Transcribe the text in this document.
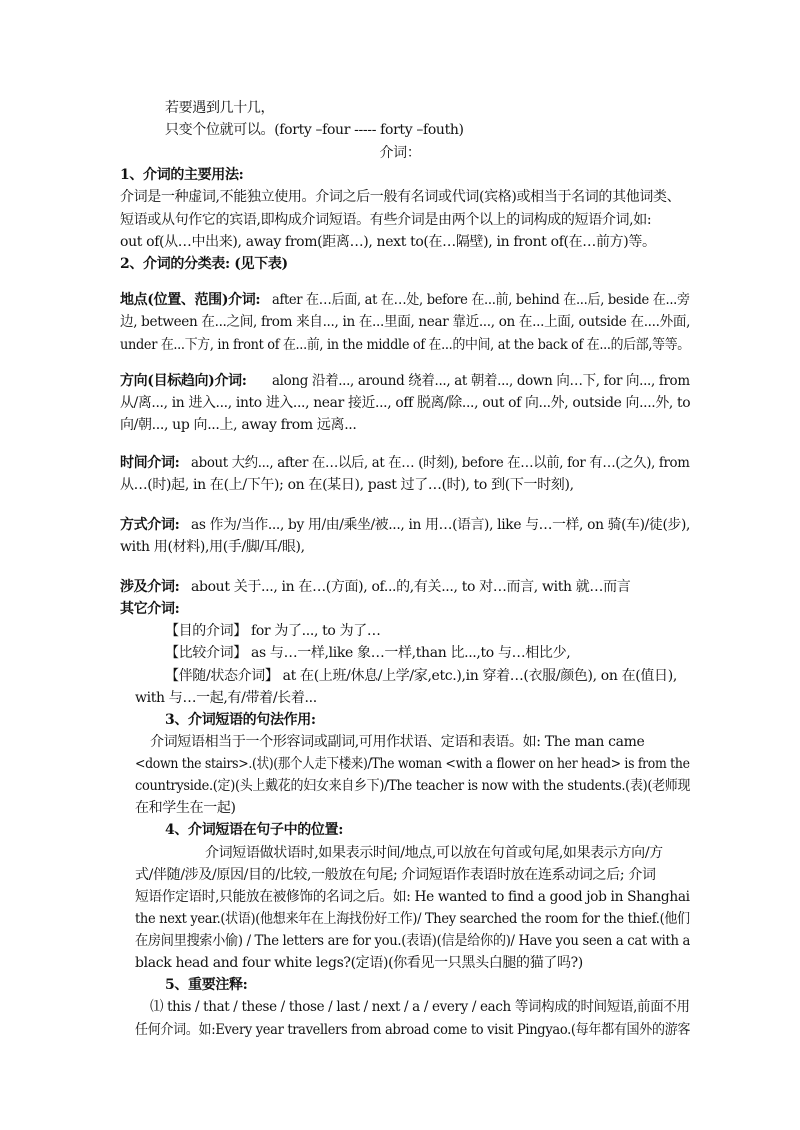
若要遇到几十几，
只变个位就可以。(forty –four ----- forty –fouth)
介词：
1、介词的主要用法:
介词是一种虚词,不能独立使用。介词之后一般有名词或代词(宾格)或相当于名词的其他词类、
短语或从句作它的宾语,即构成介词短语。有些介词是由两个以上的词构成的短语介词,如:
out of(从…中出来), away from(距离…), next to(在…隔壁), in front of(在…前方)等。
2、介词的分类表: (见下表)
地点(位置、范围)介词: after 在…后面, at 在…处, before 在...前, behind 在...后, beside 在...旁
边, between 在...之间, from 来自..., in 在...里面, near 靠近..., on 在...上面, outside 在....外面,
under 在...下方, in front of 在...前, in the middle of 在...的中间, at the back of 在...的后部,等等。
方向(目标趋向)介词: along 沿着..., around 绕着..., at 朝着..., down 向…下, for 向..., from
从/离..., in 进入..., into 进入..., near 接近..., off 脱离/除..., out of 向...外, outside 向....外, to
向/朝..., up 向...上, away from 远离...
时间介词: about 大约..., after 在…以后, at 在… (时刻), before 在…以前, for 有…(之久), from
从…(时)起, in 在(上/下午); on 在(某日), past 过了…(时), to 到(下一时刻),
方式介词: as 作为/当作..., by 用/由/乘坐/被..., in 用…(语言), like 与…一样, on 骑(车)/徒(步),
with 用(材料),用(手/脚/耳/眼),
涉及介词: about 关于..., in 在…(方面), of...的,有关..., to 对…而言, with 就…而言
其它介词:
【目的介词】 for 为了..., to 为了…
【比较介词】 as 与…一样,like 象…一样,than 比...,to 与…相比少,
【伴随/状态介词】 at 在(上班/休息/上学/家,etc.),in 穿着…(衣服/颜色), on 在(值日),
with 与…一起,有/带着/长着...
3、介词短语的句法作用:
介词短语相当于一个形容词或副词,可用作状语、定语和表语。如: The man came
<down the stairs>.(状)(那个人走下楼来)/The woman <with a flower on her head> is from the
countryside.(定)(头上戴花的妇女来自乡下)/The teacher is now with the students.(表)(老师现
在和学生在一起)
4、介词短语在句子中的位置:
介词短语做状语时,如果表示时间/地点,可以放在句首或句尾,如果表示方向/方
式/伴随/涉及/原因/目的/比较,一般放在句尾; 介词短语作表语时放在连系动词之后; 介词
短语作定语时,只能放在被修饰的名词之后。如: He wanted to find a good job in Shanghai
the next year.(状语)(他想来年在上海找份好工作)/ They searched the room for the thief.(他们
在房间里搜索小偷) / The letters are for you.(表语)(信是给你的)/ Have you seen a cat with a
black head and four white legs?(定语)(你看见一只黑头白腿的猫了吗?)
5、重要注释:
⑴ this / that / these / those / last / next / a / every / each 等词构成的时间短语,前面不用
任何介词。如:Every year travellers from abroad come to visit Pingyao.(每年都有国外的游客
